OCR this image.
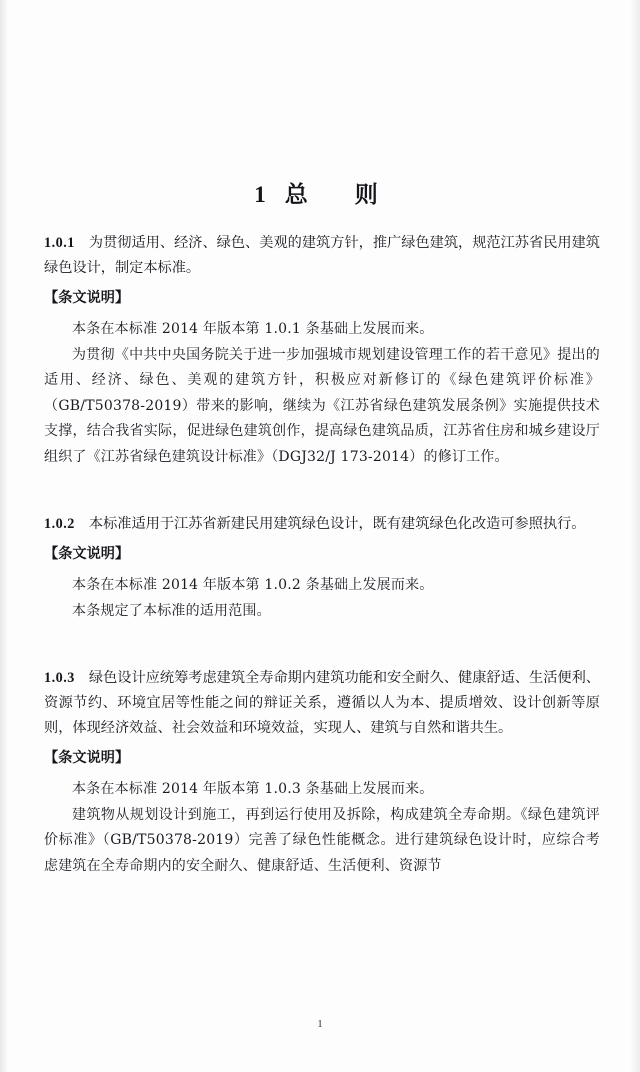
1 总　则
1.0.1 为贯彻适用、经济、绿色、美观的建筑方针，推广绿色建筑，规范江苏省民用建筑绿色设计，制定本标准。
【条文说明】
本条在本标准 2014 年版本第 1.0.1 条基础上发展而来。
为贯彻《中共中央国务院关于进一步加强城市规划建设管理工作的若干意见》提出的适用、经济、绿色、美观的建筑方针，积极应对新修订的《绿色建筑评价标准》（GB/T50378-2019）带来的影响，继续为《江苏省绿色建筑发展条例》实施提供技术支撑，结合我省实际，促进绿色建筑创作，提高绿色建筑品质，江苏省住房和城乡建设厅组织了《江苏省绿色建筑设计标准》（DGJ32/J 173-2014）的修订工作。
1.0.2 本标准适用于江苏省新建民用建筑绿色设计，既有建筑绿色化改造可参照执行。
【条文说明】
本条在本标准 2014 年版本第 1.0.2 条基础上发展而来。
本条规定了本标准的适用范围。
1.0.3 绿色设计应统筹考虑建筑全寿命期内建筑功能和安全耐久、健康舒适、生活便利、资源节约、环境宜居等性能之间的辩证关系，遵循以人为本、提质增效、设计创新等原则，体现经济效益、社会效益和环境效益，实现人、建筑与自然和谐共生。
【条文说明】
本条在本标准 2014 年版本第 1.0.3 条基础上发展而来。
建筑物从规划设计到施工，再到运行使用及拆除，构成建筑全寿命期。《绿色建筑评价标准》（GB/T50378-2019）完善了绿色性能概念。进行建筑绿色设计时，应综合考虑建筑在全寿命期内的安全耐久、健康舒适、生活便利、资源节
1
